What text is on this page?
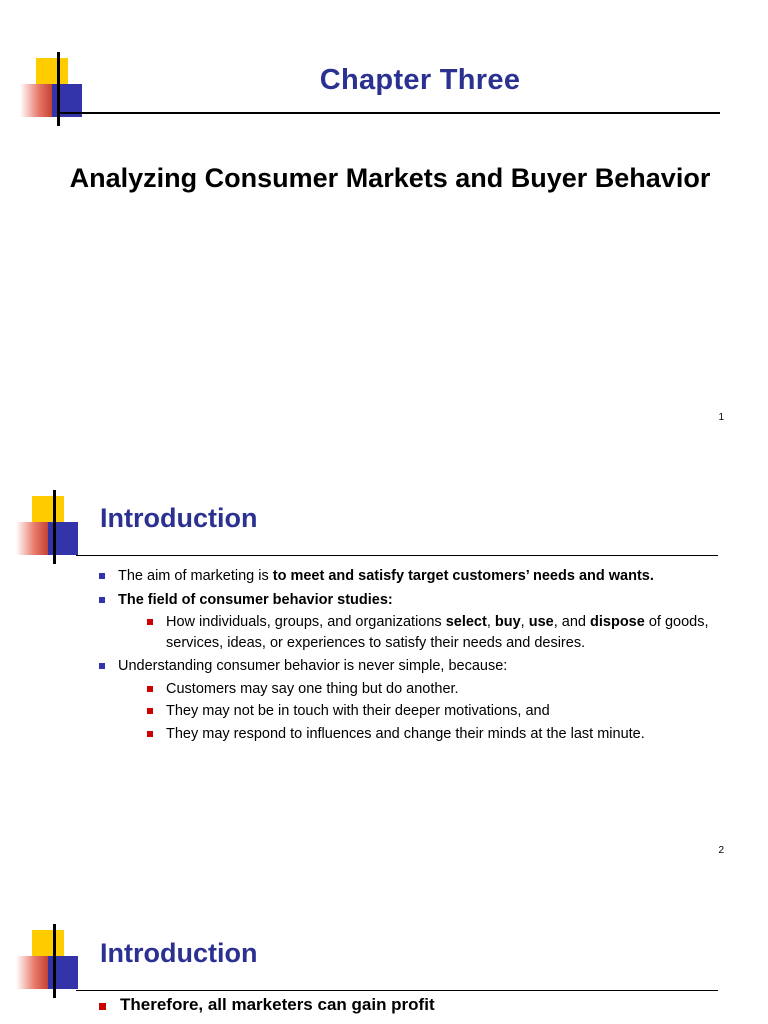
Chapter Three
Analyzing Consumer Markets and Buyer Behavior
1
Introduction
The aim of marketing is to meet and satisfy target customers’ needs and wants.
The field of consumer behavior studies:
How individuals, groups, and organizations select, buy, use, and dispose of goods, services, ideas, or experiences to satisfy their needs and desires.
Understanding consumer behavior is never simple, because:
Customers may say one thing but do another.
They may not be in touch with their deeper motivations, and
They may respond to influences and change their minds at the last minute.
2
Introduction
Therefore, all marketers can gain profit
